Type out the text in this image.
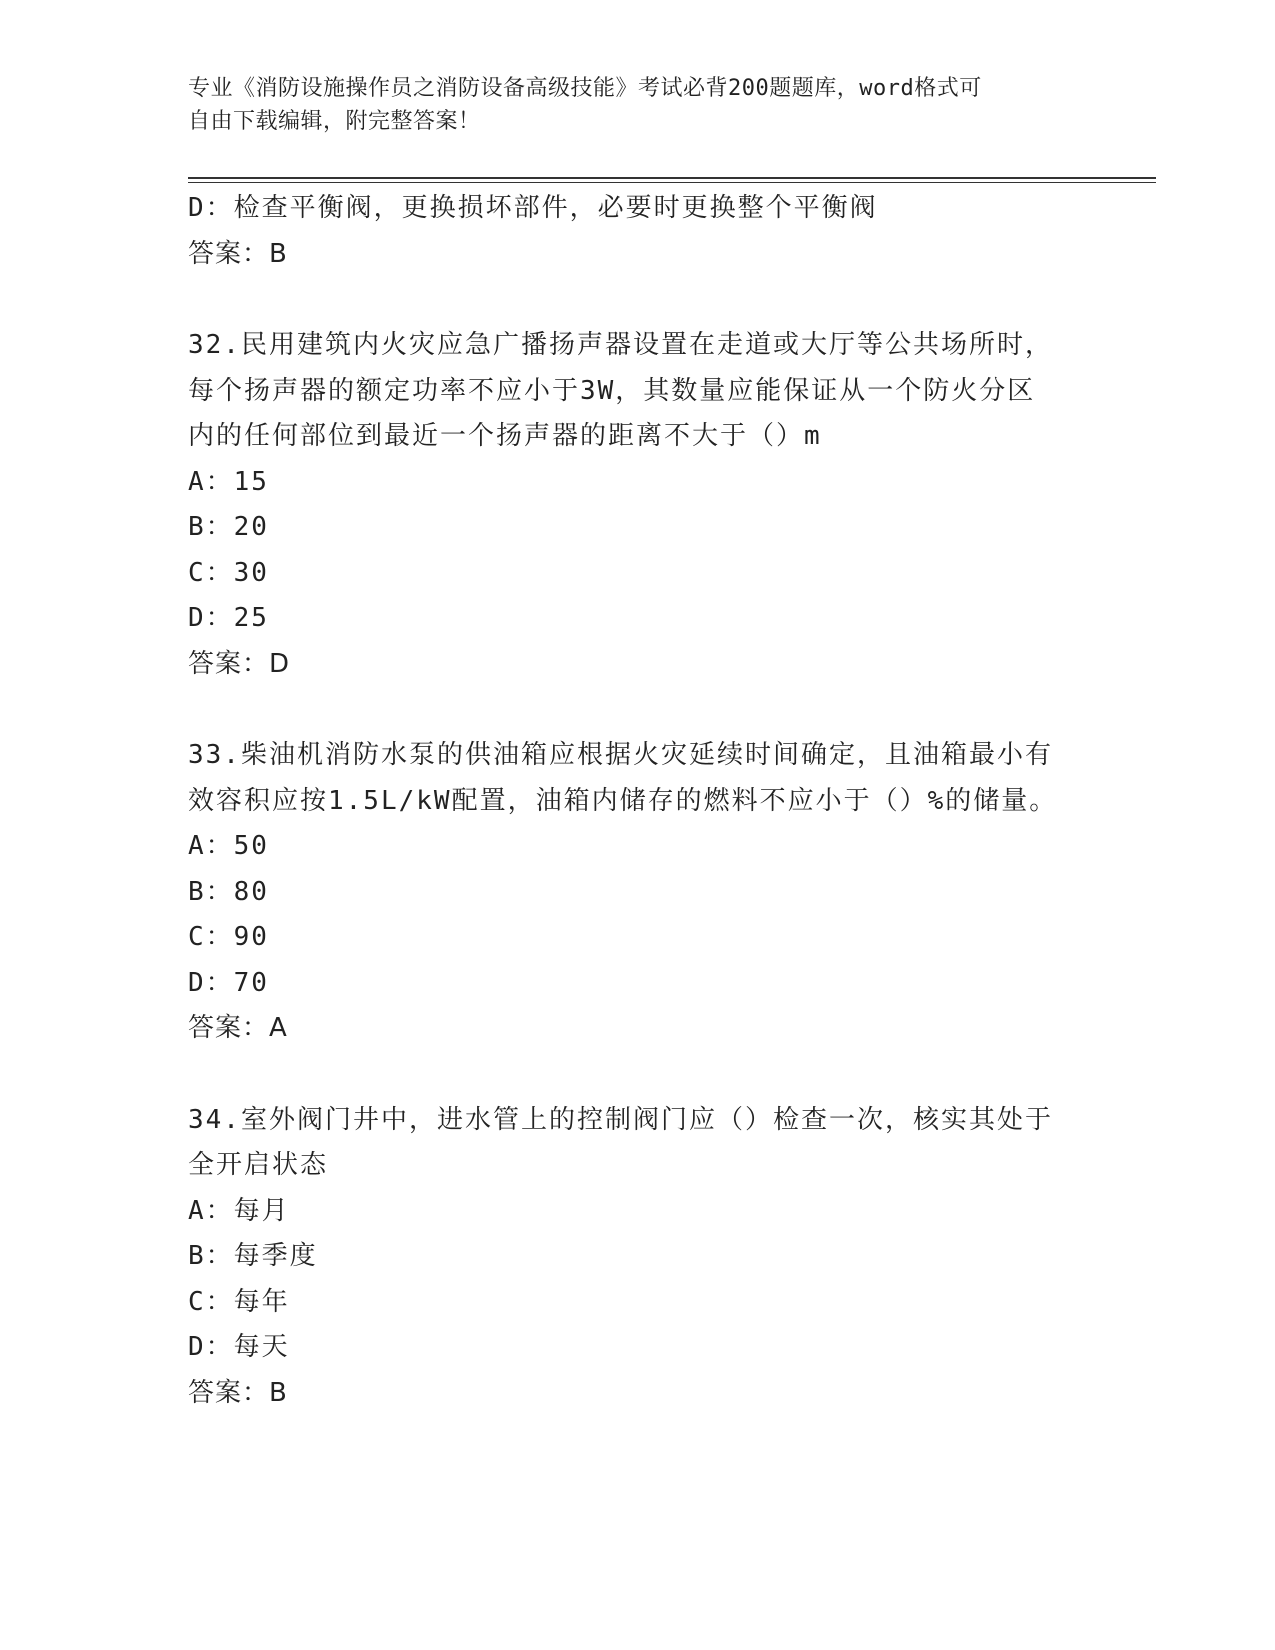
专业《消防设施操作员之消防设备高级技能》考试必背200题题库，word格式可
自由下载编辑，附完整答案！
D：检查平衡阀，更换损坏部件，必要时更换整个平衡阀
答案：B
32.民用建筑内火灾应急广播扬声器设置在走道或大厅等公共场所时，
每个扬声器的额定功率不应小于3W，其数量应能保证从一个防火分区
内的任何部位到最近一个扬声器的距离不大于（）m
A：15
B：20
C：30
D：25
答案：D
33.柴油机消防水泵的供油箱应根据火灾延续时间确定，且油箱最小有
效容积应按1.5L/kW配置，油箱内储存的燃料不应小于（）%的储量。
A：50
B：80
C：90
D：70
答案：A
34.室外阀门井中，进水管上的控制阀门应（）检查一次，核实其处于
全开启状态
A：每月
B：每季度
C：每年
D：每天
答案：B
